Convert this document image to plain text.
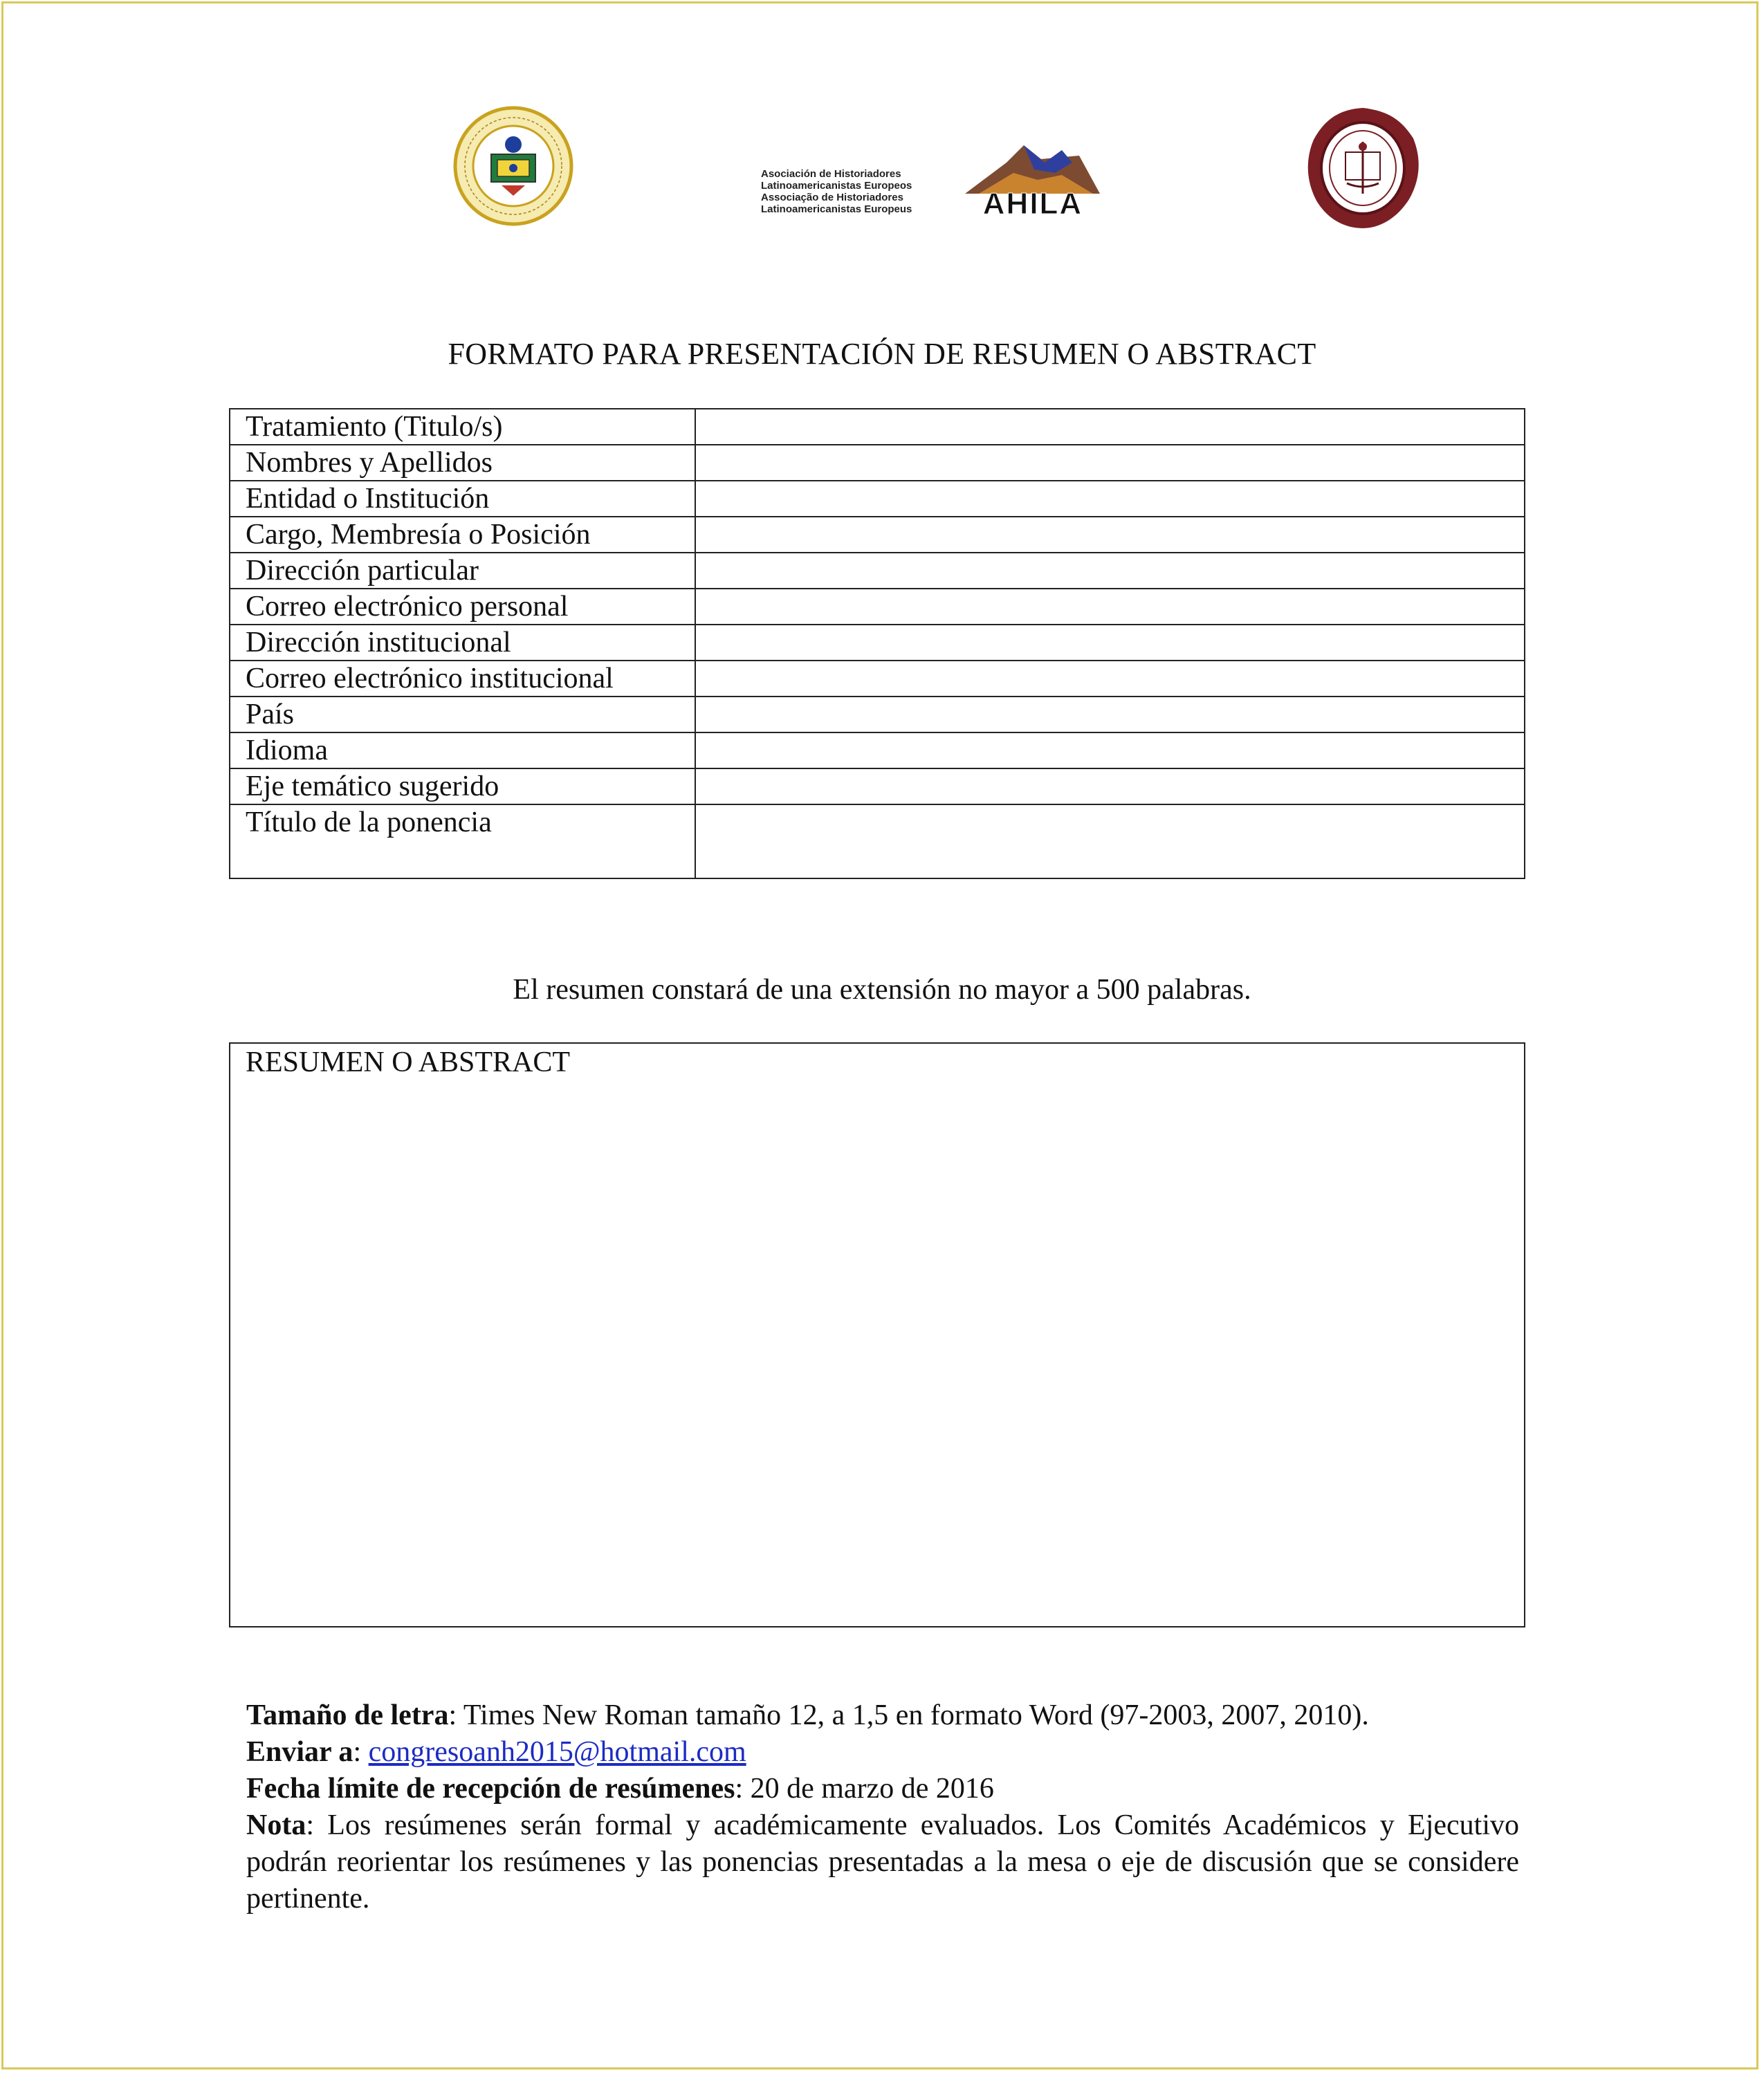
Asociación de Historiadores
Latinoamericanistas Europeos
Associação de Historiadores
Latinoamericanistas Europeus AHILA
FORMATO PARA PRESENTACIÓN DE RESUMEN O ABSTRACT
Tratamiento (Titulo/s)	
Nombres y Apellidos	
Entidad o Institución	
Cargo, Membresía o Posición	
Dirección particular	
Correo electrónico personal	
Dirección institucional	
Correo electrónico institucional	
País	
Idioma	
Eje temático sugerido	
Título de la ponencia	
El resumen constará de una extensión no mayor a 500 palabras.
RESUMEN O ABSTRACT

Tamaño de letra: Times New Roman tamaño 12, a 1,5 en formato Word (97-2003, 2007, 2010).

Enviar a: congresoanh2015@hotmail.com

Fecha límite de recepción de resúmenes: 20 de marzo de 2016

Nota: Los resúmenes serán formal y académicamente evaluados. Los Comités Académicos y Ejecutivo podrán reorientar los resúmenes y las ponencias presentadas a la mesa o eje de discusión que se considere pertinente.
